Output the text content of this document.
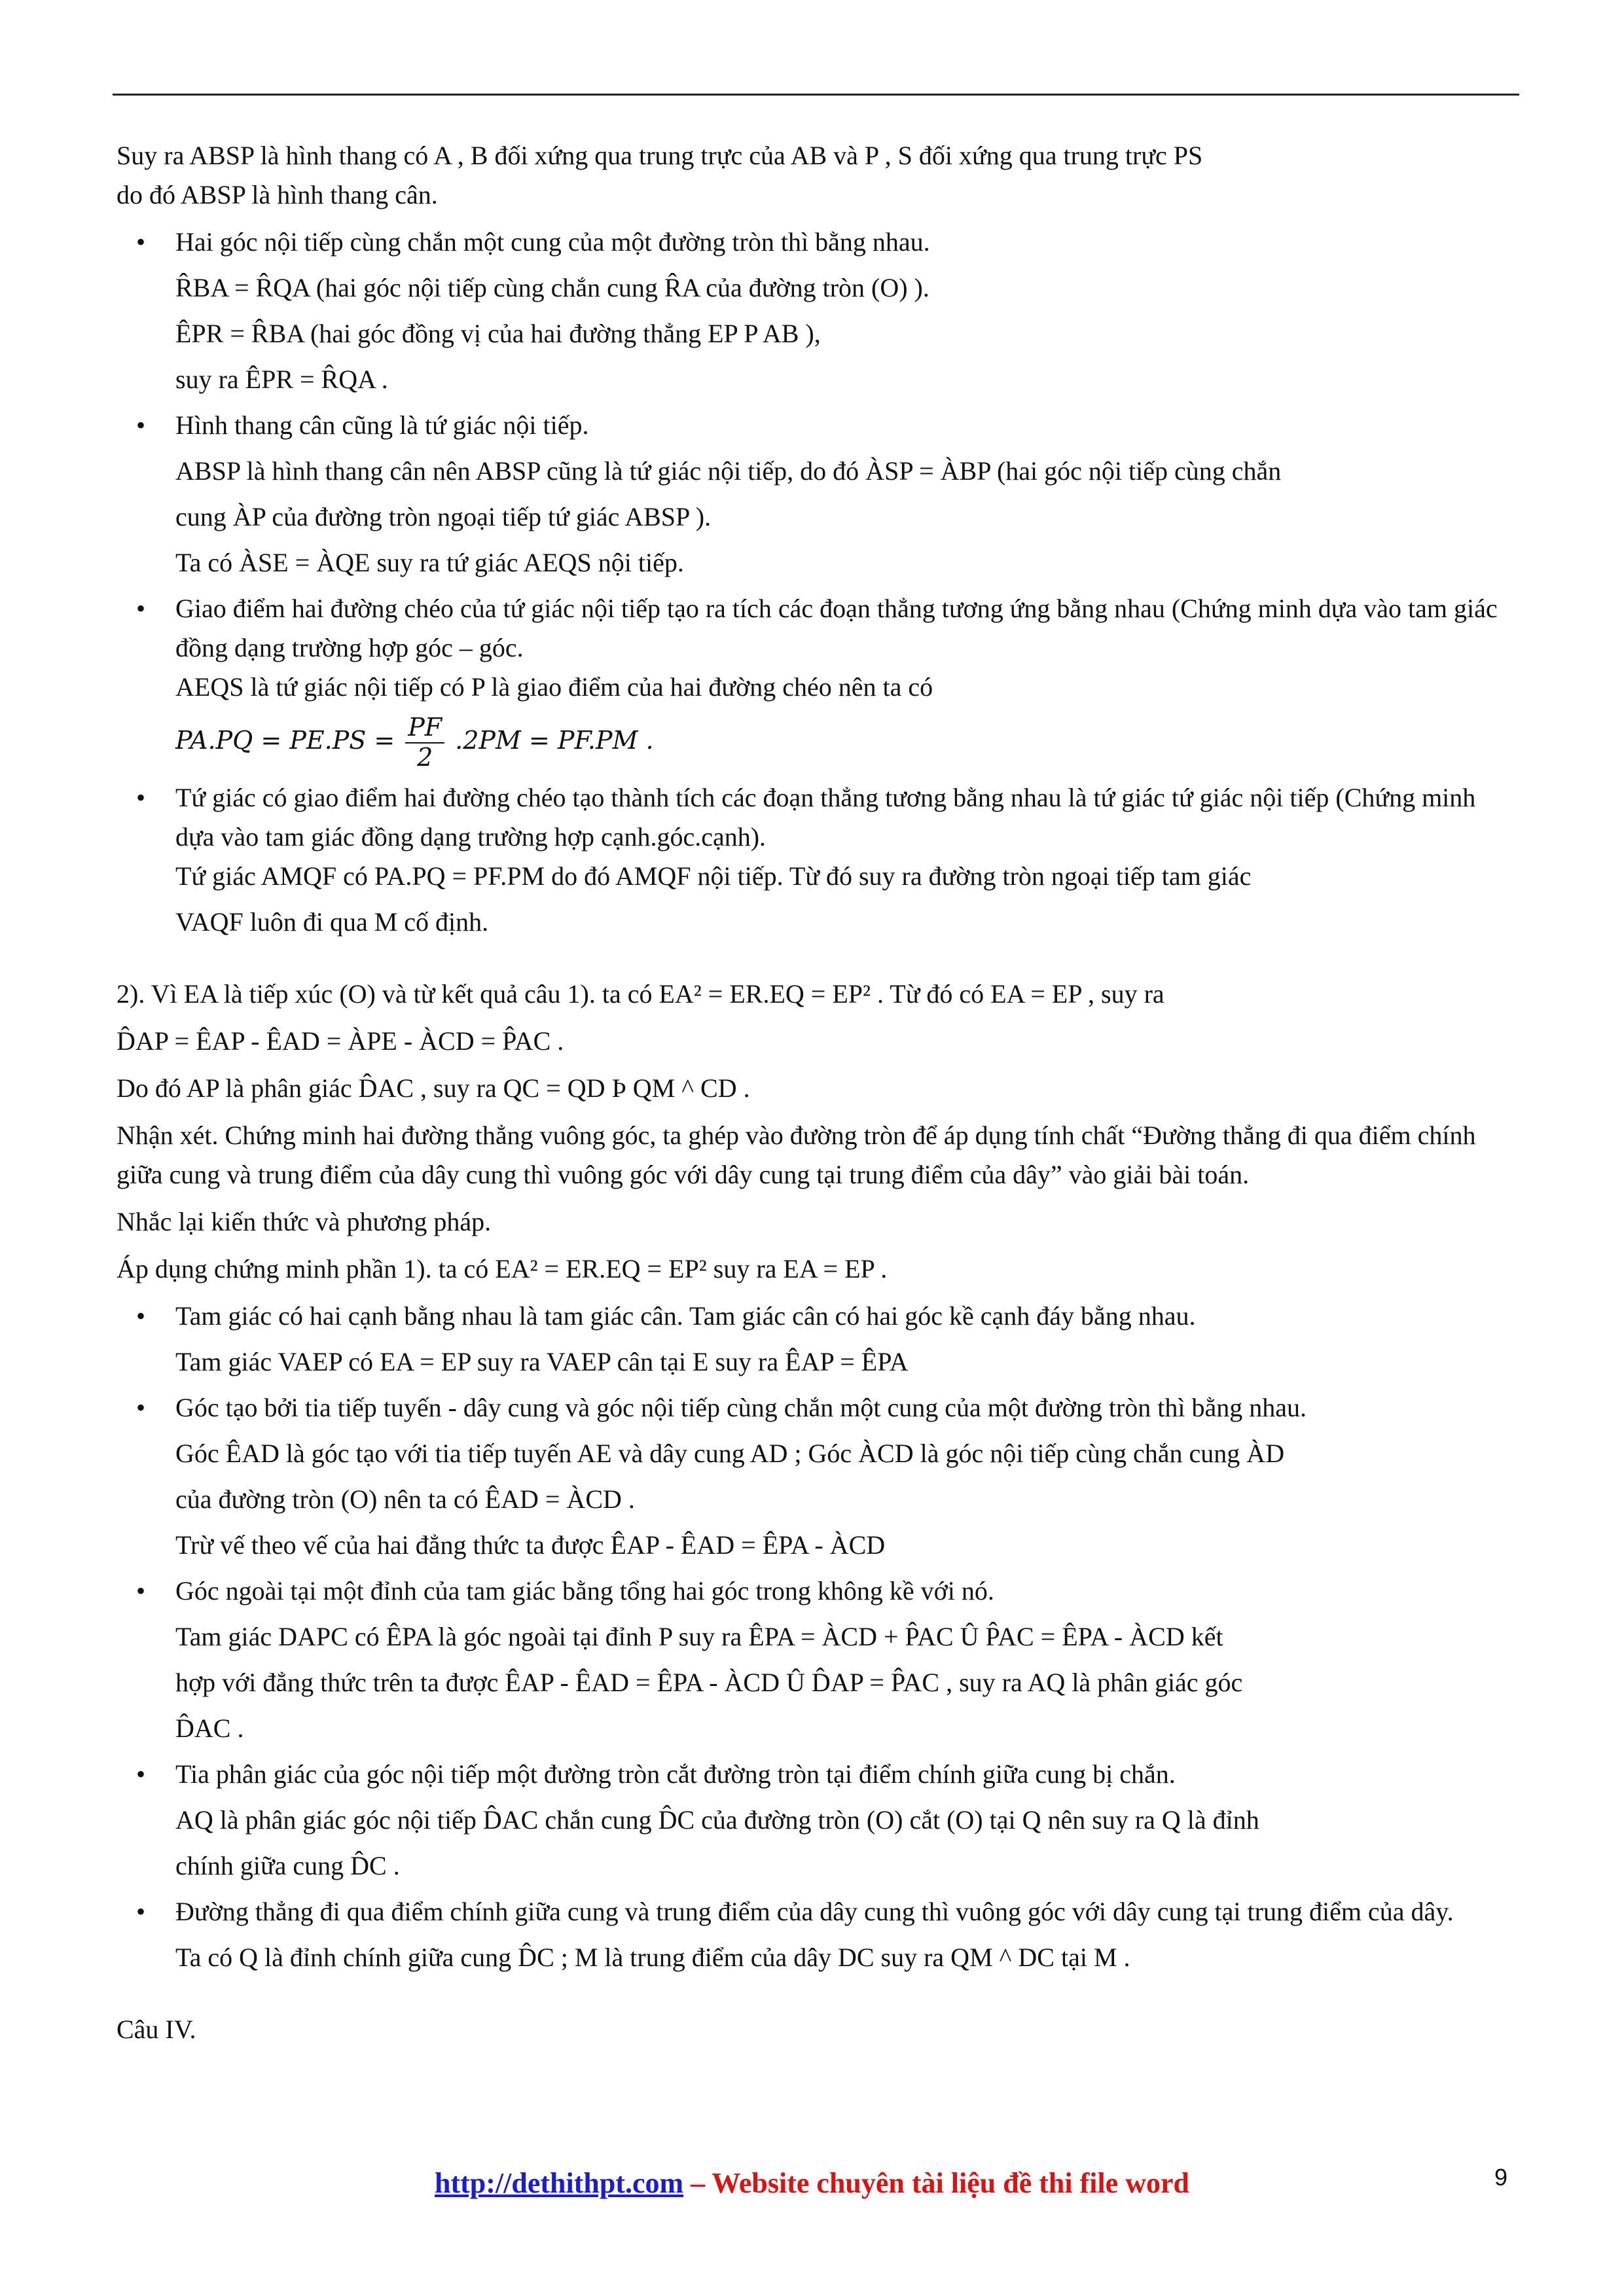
Suy ra ABSP là hình thang có A , B đối xứng qua trung trực của AB và P , S đối xứng qua trung trực PS
do đó ABSP là hình thang cân.

• Hai góc nội tiếp cùng chắn một cung của một đường tròn thì bằng nhau.
R̂BA = R̂QA (hai góc nội tiếp cùng chắn cung R̂A của đường tròn (O) ).
ÊPR = R̂BA (hai góc đồng vị của hai đường thẳng EP P AB ),
suy ra ÊPR = R̂QA .
• Hình thang cân cũng là tứ giác nội tiếp.
ABSP là hình thang cân nên ABSP cũng là tứ giác nội tiếp, do đó ÀSP = ÀBP (hai góc nội tiếp cùng chắn
cung ÀP của đường tròn ngoại tiếp tứ giác ABSP ).
Ta có ÀSE = ÀQE suy ra tứ giác AEQS nội tiếp.
• Giao điểm hai đường chéo của tứ giác nội tiếp tạo ra tích các đoạn thẳng tương ứng bằng nhau (Chứng minh dựa vào tam giác đồng dạng trường hợp góc – góc.
AEQS là tứ giác nội tiếp có P là giao điểm của hai đường chéo nên ta có
$PA.PQ = PE.PS = \frac{PF}{2} .2PM = PF.PM$ .
• Tứ giác có giao điểm hai đường chéo tạo thành tích các đoạn thẳng tương bằng nhau là tứ giác tứ giác nội tiếp (Chứng minh dựa vào tam giác đồng dạng trường hợp cạnh.góc.cạnh).
Tứ giác AMQF có PA.PQ = PF.PM do đó AMQF nội tiếp. Từ đó suy ra đường tròn ngoại tiếp tam giác
VAQF luôn đi qua M cố định.

2). Vì EA là tiếp xúc (O) và từ kết quả câu 1). ta có EA² = ER.EQ = EP² . Từ đó có EA = EP , suy ra

D̂AP = ÊAP - ÊAD = ÀPE - ÀCD = P̂AC .

Do đó AP là phân giác D̂AC , suy ra QC = QD Þ QM ^ CD .

Nhận xét. Chứng minh hai đường thẳng vuông góc, ta ghép vào đường tròn để áp dụng tính chất “Đường thẳng đi qua điểm chính giữa cung và trung điểm của dây cung thì vuông góc với dây cung tại trung điểm của dây” vào giải bài toán.

Nhắc lại kiến thức và phương pháp.

Áp dụng chứng minh phần 1). ta có EA² = ER.EQ = EP² suy ra EA = EP .

• Tam giác có hai cạnh bằng nhau là tam giác cân. Tam giác cân có hai góc kề cạnh đáy bằng nhau.
Tam giác VAEP có EA = EP suy ra VAEP cân tại E suy ra ÊAP = ÊPA
• Góc tạo bởi tia tiếp tuyến - dây cung và góc nội tiếp cùng chắn một cung của một đường tròn thì bằng nhau.
Góc ÊAD là góc tạo với tia tiếp tuyến AE và dây cung AD ; Góc ÀCD là góc nội tiếp cùng chắn cung ÀD
của đường tròn (O) nên ta có ÊAD = ÀCD .
Trừ vế theo vế của hai đẳng thức ta được ÊAP - ÊAD = ÊPA - ÀCD
• Góc ngoài tại một đỉnh của tam giác bằng tổng hai góc trong không kề với nó.
Tam giác DAPC có ÊPA là góc ngoài tại đỉnh P suy ra ÊPA = ÀCD + P̂AC Û P̂AC = ÊPA - ÀCD kết
hợp với đẳng thức trên ta được ÊAP - ÊAD = ÊPA - ÀCD Û D̂AP = P̂AC , suy ra AQ là phân giác góc
D̂AC .
• Tia phân giác của góc nội tiếp một đường tròn cắt đường tròn tại điểm chính giữa cung bị chắn.
AQ là phân giác góc nội tiếp D̂AC chắn cung D̂C của đường tròn (O) cắt (O) tại Q nên suy ra Q là đỉnh
chính giữa cung D̂C .
• Đường thẳng đi qua điểm chính giữa cung và trung điểm của dây cung thì vuông góc với dây cung tại trung điểm của dây.
Ta có Q là đỉnh chính giữa cung D̂C ; M là trung điểm của dây DC suy ra QM ^ DC tại M .

Câu IV.

http://dethithpt.com – Website chuyên tài liệu đề thi file word	9
